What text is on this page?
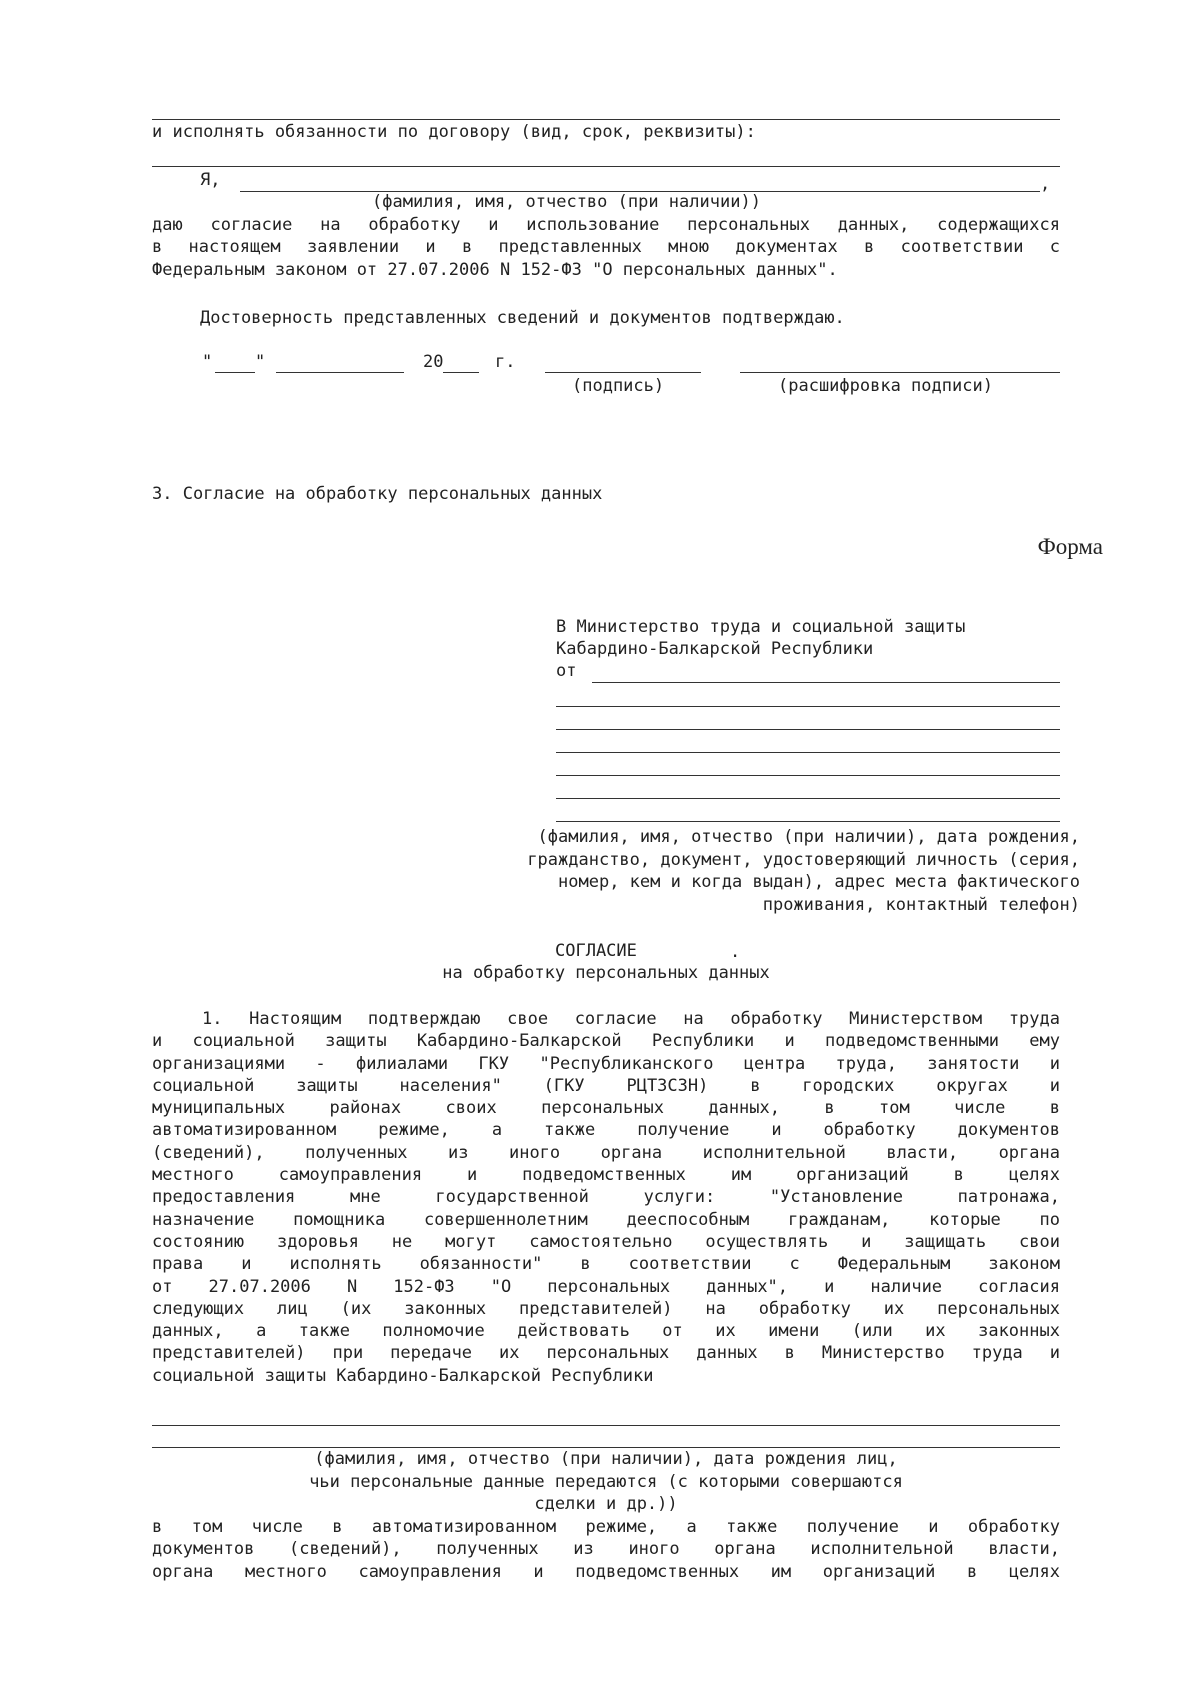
и исполнять обязанности по договору (вид, срок, реквизиты):
Я,	,
(фамилия, имя, отчество (при наличии))
даю согласие на обработку и использование персональных данных, содержащихся
в настоящем заявлении и в представленных мною документах в соответствии с
Федеральным законом от 27.07.2006 N 152-ФЗ "О персональных данных".
Достоверность представленных сведений и документов подтверждаю.
"	"	20	г.
(подпись)	(расшифровка подписи)
3. Согласие на обработку персональных данных
Форма
В Министерство труда и социальной защиты
Кабардино-Балкарской Республики
от
(фамилия, имя, отчество (при наличии), дата рождения,
гражданство, документ, удостоверяющий личность (серия,
номер, кем и когда выдан), адрес места фактического
проживания, контактный телефон)
СОГЛАСИЕ	.
на обработку персональных данных
1. Настоящим подтверждаю свое согласие на обработку Министерством труда
и социальной защиты Кабардино-Балкарской Республики и подведомственными ему
организациями - филиалами ГКУ "Республиканского центра труда, занятости и
социальной защиты населения" (ГКУ РЦТЗСЗН) в городских округах и
муниципальных районах своих персональных данных, в том числе в
автоматизированном режиме, а также получение и обработку документов
(сведений), полученных из иного органа исполнительной власти, органа
местного самоуправления и подведомственных им организаций в целях
предоставления мне государственной услуги: "Установление патронажа,
назначение помощника совершеннолетним дееспособным гражданам, которые по
состоянию здоровья не могут самостоятельно осуществлять и защищать свои
права и исполнять обязанности" в соответствии с Федеральным законом
от 27.07.2006 N 152-ФЗ "О персональных данных", и наличие согласия
следующих лиц (их законных представителей) на обработку их персональных
данных, а также полномочие действовать от их имени (или их законных
представителей) при передаче их персональных данных в Министерство труда и
социальной защиты Кабардино-Балкарской Республики
(фамилия, имя, отчество (при наличии), дата рождения лиц,
чьи персональные данные передаются (с которыми совершаются
сделки и др.))
в том числе в автоматизированном режиме, а также получение и обработку
документов (сведений), полученных из иного органа исполнительной власти,
органа местного самоуправления и подведомственных им организаций в целях
